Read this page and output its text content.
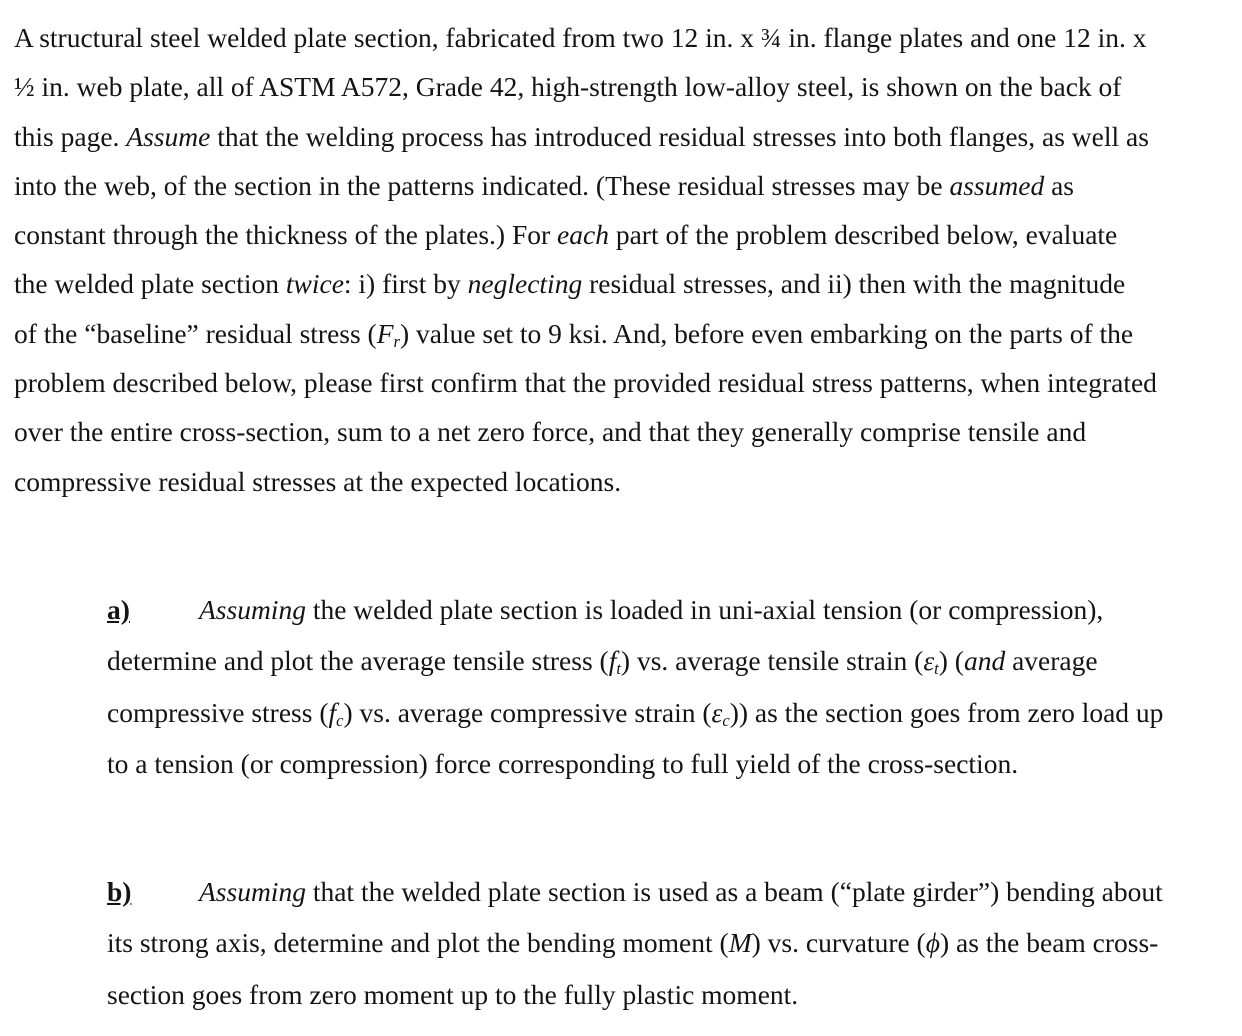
A structural steel welded plate section, fabricated from two 12 in. x ¾ in. flange plates and one 12 in. x
½ in. web plate, all of ASTM A572, Grade 42, high-strength low-alloy steel, is shown on the back of
this page. Assume that the welding process has introduced residual stresses into both flanges, as well as
into the web, of the section in the patterns indicated. (These residual stresses may be assumed as
constant through the thickness of the plates.) For each part of the problem described below, evaluate
the welded plate section twice: i) first by neglecting residual stresses, and ii) then with the magnitude
of the “baseline” residual stress $(F_r)$ value set to 9 ksi. And, before even embarking on the parts of the
problem described below, please first confirm that the provided residual stress patterns, when integrated
over the entire cross-section, sum to a net zero force, and that they generally comprise tensile and
compressive residual stresses at the expected locations.

a)	Assuming the welded plate section is loaded in uni-axial tension (or compression),
determine and plot the average tensile stress $(f_t)$ vs. average tensile strain $(\varepsilon_t)$ (and average
compressive stress $(f_c)$ vs. average compressive strain $(\varepsilon_c)$) as the section goes from zero load up
to a tension (or compression) force corresponding to full yield of the cross-section.

b) Assuming that the welded plate section is used as a beam (“plate girder”) bending about
its strong axis, determine and plot the bending moment (M) vs. curvature (ϕ) as the beam cross-
section goes from zero moment up to the fully plastic moment.
